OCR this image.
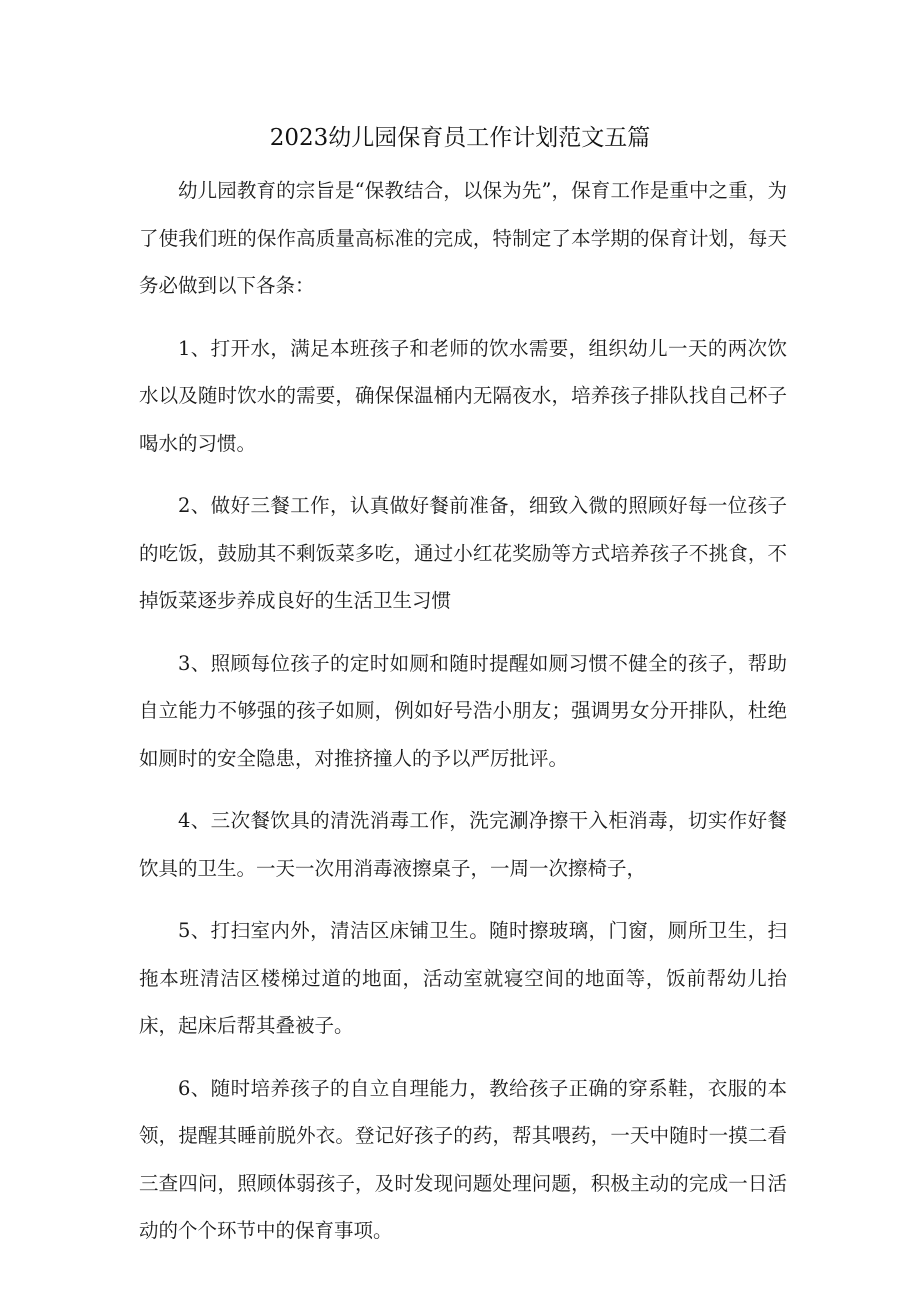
2023幼儿园保育员工作计划范文五篇

幼儿园教育的宗旨是“保教结合，以保为先”，保育工作是重中之重，为了使我们班的保作高质量高标准的完成，特制定了本学期的保育计划，每天务必做到以下各条：

1、打开水，满足本班孩子和老师的饮水需要，组织幼儿一天的两次饮水以及随时饮水的需要，确保保温桶内无隔夜水，培养孩子排队找自己杯子喝水的习惯。

2、做好三餐工作，认真做好餐前准备，细致入微的照顾好每一位孩子的吃饭，鼓励其不剩饭菜多吃，通过小红花奖励等方式培养孩子不挑食，不掉饭菜逐步养成良好的生活卫生习惯

3、照顾每位孩子的定时如厕和随时提醒如厕习惯不健全的孩子，帮助自立能力不够强的孩子如厕，例如好号浩小朋友；强调男女分开排队，杜绝如厕时的安全隐患，对推挤撞人的予以严厉批评。

4、三次餐饮具的清洗消毒工作，洗完涮净擦干入柜消毒，切实作好餐饮具的卫生。一天一次用消毒液擦桌子，一周一次擦椅子，

5、打扫室内外，清洁区床铺卫生。随时擦玻璃，门窗，厕所卫生，扫拖本班清洁区楼梯过道的地面，活动室就寝空间的地面等，饭前帮幼儿抬床，起床后帮其叠被子。

6、随时培养孩子的自立自理能力，教给孩子正确的穿系鞋，衣服的本领，提醒其睡前脱外衣。登记好孩子的药，帮其喂药，一天中随时一摸二看三查四问，照顾体弱孩子，及时发现问题处理问题，积极主动的完成一日活动的个个环节中的保育事项。
